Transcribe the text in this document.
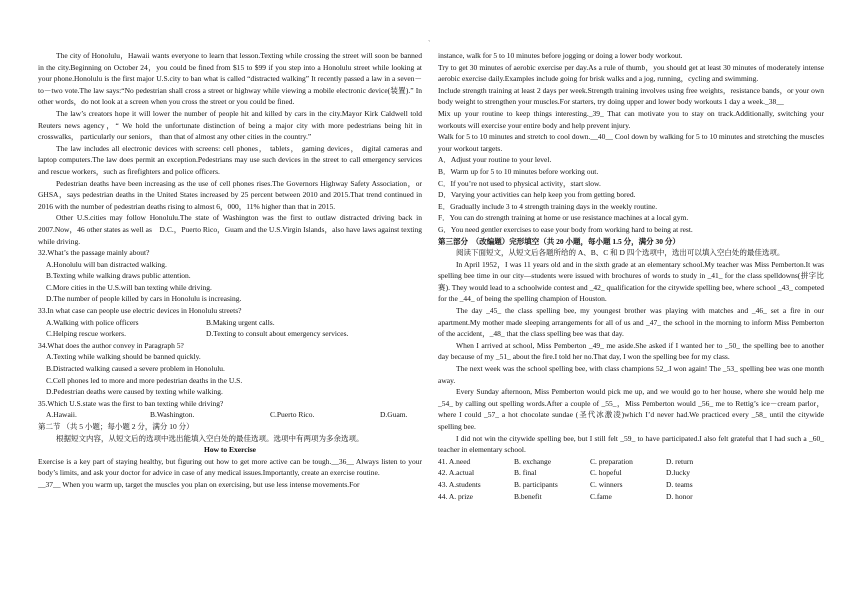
、

The city of Honolulu，Hawaii wants everyone to learn that lesson.Texting while crossing the street will soon be banned in the city.Beginning on October 24，you could be fined from $15 to $99 if you step into a Honolulu street while looking at your phone.Honolulu is the first major U.S.city to ban what is called “distracted walking” It recently passed a law in a seven－to－two vote.The law says:“No pedestrian shall cross a street or highway while viewing a mobile electronic device(装置).” In other words，do not look at a screen when you cross the street or you could be fined.

The law’s creators hope it will lower the number of people hit and killed by cars in the city.Mayor Kirk Caldwell told Reuters news agency，“ We hold the unfortunate distinction of being a major city with more pedestrians being hit in crosswalks， particularly our seniors， than that of almost any other cities in the country.”

The law includes all electronic devices with screens: cell phones， tablets， gaming devices， digital cameras and laptop computers.The law does permit an exception.Pedestrians may use such devices in the street to call emergency services and rescue workers，such as firefighters and police officers.

Pedestrian deaths have been increasing as the use of cell phones rises.The Governors Highway Safety Association，or GHSA，says pedestrian deaths in the United States increased by 25 percent between 2010 and 2015.That trend continued in 2016 with the number of pedestrian deaths rising to almost 6，000，11% higher than that in 2015.

Other U.S.cities may follow Honolulu.The state of Washington was the first to outlaw distracted driving back in 2007.Now，46 other states as well as　D.C.，Puerto Rico，Guam and the U.S.Virgin Islands，also have laws against texting while driving.

32.What’s the passage mainly about?

A.Honolulu will ban distracted walking.

B.Texting while walking draws public attention.

C.More cities in the U.S.will ban texting while driving.

D.The number of people killed by cars in Honolulu is increasing.

33.In what case can people use electric devices in Honolulu streets?

A.Walking with police officers	B.Making urgent calls.
C.Helping rescue workers.	D.Texting to consult about emergency services.

34.What does the author convey in Paragraph 5?

A.Texting while walking should be banned quickly.

B.Distracted walking caused a severe problem in Honolulu.

C.Cell phones led to more and more pedestrian deaths in the U.S.

D.Pedestrian deaths were caused by texting while walking.

35.Which U.S.state was the first to ban texting while driving?

A.Hawaii.	B.Washington.	C.Puerto Rico.	D.Guam.

第二节 （共 5 小题；每小题 2 分，满分 10 分）

根据短文内容，从短文后的选项中选出能填入空白处的最佳选项。选项中有两项为多余选项。

How to Exercise

Exercise is a key part of staying healthy, but figuring out how to get more active can be tough.__36__ Always listen to your body’s limits, and ask your doctor for advice in case of any medical issues.Importantly, create an exercise routine.

__37__ When you warm up, target the muscles you plan on exercising, but use less intense movements.For

instance, walk for 5 to 10 minutes before jogging or doing a lower body workout.

Try to get 30 minutes of aerobic exercise per day.As a rule of thumb，you should get at least 30 minutes of moderately intense aerobic exercise daily.Examples include going for brisk walks and a jog, running，cycling and swimming.

Include strength training at least 2 days per week.Strength training involves using free weights，resistance bands，or your own body weight to strengthen your muscles.For starters, try doing upper and lower body workouts 1 day a week._38__

Mix up your routine to keep things interesting._39_ That can motivate you to stay on track.Additionally, switching your workouts will exercise your entire body and help prevent injury.

Walk for 5 to 10 minutes and stretch to cool down.__40__ Cool down by walking for 5 to 10 minutes and stretching the muscles your workout targets.

A．Adjust your routine to your level.

B．Warm up for 5 to 10 minutes before working out.

C．If you’re not used to physical activity，start slow.

D．Varying your activities can help keep you from getting bored.

E．Gradually include 3 to 4 strength training days in the weekly routine.

F．You can do strength training at home or use resistance machines at a local gym.

G．You need gentler exercises to ease your body from working hard to being at rest.

第三部分　（改编题）完形填空（共 20 小题，每小题 1.5 分，满分 30 分）

阅读下面短文，从短文后各题所给的 A、B、C 和 D 四个选项中，选出可以填入空白处的最佳选项。

In April 1952，I was 11 years old and in the sixth grade at an elementary school.My teacher was Miss Pemberton.It was spelling bee time in our city—students were issued with brochures of words to study in _41_ for the class spelldowns(拼字比赛). They would lead to a schoolwide contest and _42_ qualification for the citywide spelling bee, where school _43_ competed for the _44_ of being the spelling champion of Houston.

The day _45_ the class spelling bee, my youngest brother was playing with matches and _46_ set a fire in our apartment.My mother made sleeping arrangements for all of us and _47_ the school in the morning to inform Miss Pemberton of the accident，_48_ that the class spelling bee was that day.

When I arrived at school, Miss Pemberton _49_ me aside.She asked if I wanted her to _50_ the spelling bee to another day because of my _51_ about the fire.I told her no.That day, I won the spelling bee for my class.

The next week was the school spelling bee, with class champions 52_.I won again! The _53_ spelling bee was one month away.

Every Sunday afternoon, Miss Pemberton would pick me up, and we would go to her house, where she would help me _54_ by calling out spelling words.After a couple of _55_，Miss Pemberton would _56_ me to Rettig’s ice－cream parlor，where I could _57_ a hot chocolate sundae (圣代冰激凌)which I’d never had.We practiced every _58_ until the citywide spelling bee.

I did not win the citywide spelling bee, but I still felt _59_ to have participated.I also felt grateful that I had such a _60_ teacher in elementary school.

41. A.need	B. exchange	C. preparation	D. return
42. A.actual	B. final	C. hopeful	D.lucky
43. A.students	B. participants	C. winners	D. teams
44. A. prize	B.benefit	C.fame	D. honor
